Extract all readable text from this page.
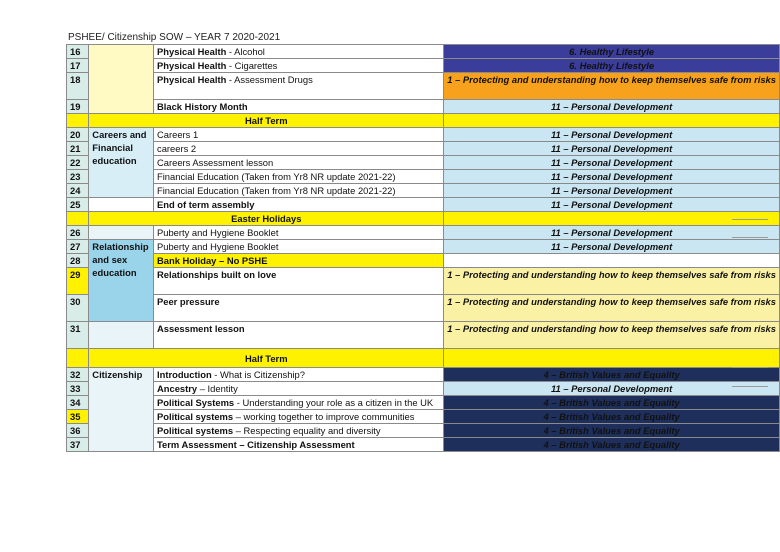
PSHEE/ Citizenship SOW – YEAR 7 2020-2021
16		Physical Health - Alcohol	6. Healthy Lifestyle
17		Physical Health - Cigarettes	6. Healthy Lifestyle
18		Physical Health - Assessment Drugs	1 – Protecting and understanding how to keep themselves safe from risks
19		Black History Month	11 – Personal Development
	Half Term		
20	Careers and
Financial
education	Careers 1	11 – Personal Development
21		careers 2	11 – Personal Development
22		Careers Assessment lesson	11 – Personal Development
23		Financial Education (Taken from Yr8 NR update 2021-22)	11 – Personal Development
24		Financial Education (Taken from Yr8 NR update 2021-22)	11 – Personal Development
25		End of term assembly	11 – Personal Development
	Easter Holidays		
26		Puberty and Hygiene Booklet	11 – Personal Development
27	Relationship
and sex
education	Puberty and Hygiene Booklet	11 – Personal Development
28		Bank Holiday – No PSHE	
29		Relationships built on love	1 – Protecting and understanding how to keep themselves safe from risks
30		Peer pressure	1 – Protecting and understanding how to keep themselves safe from risks
31		Assessment lesson	1 – Protecting and understanding how to keep themselves safe from risks
	Half Term		
32	Citizenship	Introduction - What is Citizenship?	4 – British Values and Equality
33		Ancestry – Identity	11 – Personal Development
34		Political Systems - Understanding your role as a citizen in the UK	4 – British Values and Equality
35		Political systems – working together to improve communities	4 – British Values and Equality
36		Political systems – Respecting equality and diversity	4 – British Values and Equality
37		Term Assessment – Citizenship Assessment	4 – British Values and Equality
